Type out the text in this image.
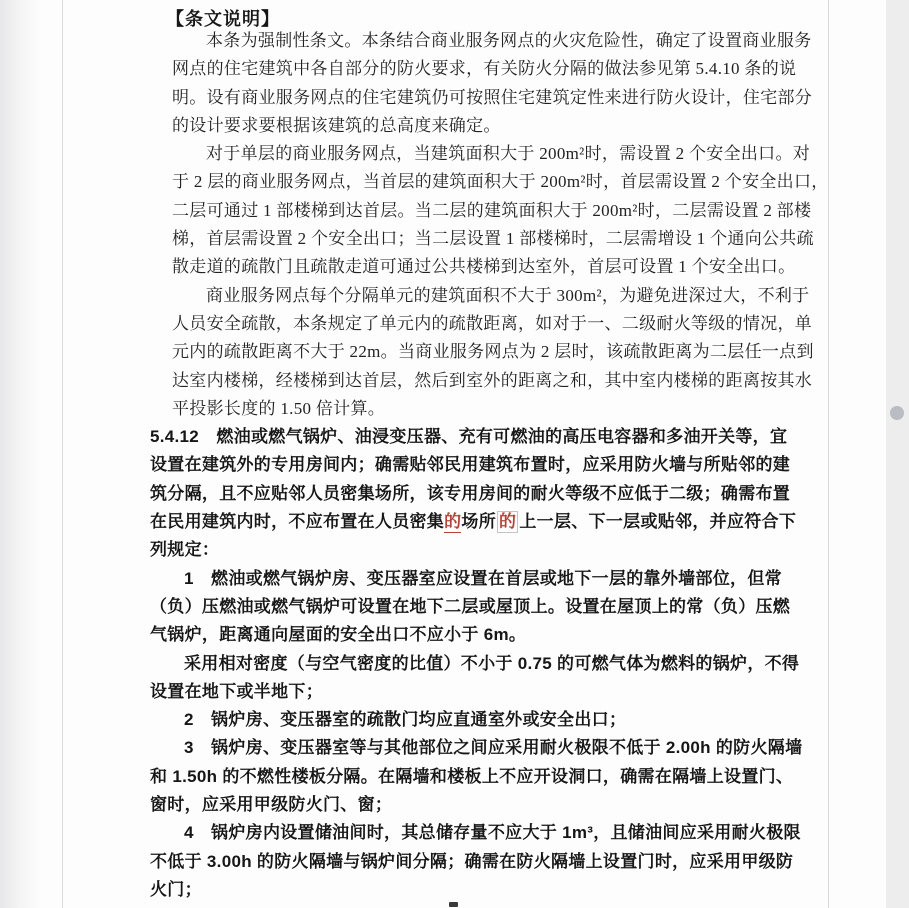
【条文说明】
本条为强制性条文。本条结合商业服务网点的火灾危险性，确定了设置商业服务
网点的住宅建筑中各自部分的防火要求，有关防火分隔的做法参见第 5.4.10 条的说
明。设有商业服务网点的住宅建筑仍可按照住宅建筑定性来进行防火设计，住宅部分
的设计要求要根据该建筑的总高度来确定。
对于单层的商业服务网点，当建筑面积大于 200m²时，需设置 2 个安全出口。对
于 2 层的商业服务网点，当首层的建筑面积大于 200m²时，首层需设置 2 个安全出口，
二层可通过 1 部楼梯到达首层。当二层的建筑面积大于 200m²时，二层需设置 2 部楼
梯，首层需设置 2 个安全出口；当二层设置 1 部楼梯时，二层需增设 1 个通向公共疏
散走道的疏散门且疏散走道可通过公共楼梯到达室外，首层可设置 1 个安全出口。
商业服务网点每个分隔单元的建筑面积不大于 300m²，为避免进深过大，不利于
人员安全疏散，本条规定了单元内的疏散距离，如对于一、二级耐火等级的情况，单
元内的疏散距离不大于 22m。当商业服务网点为 2 层时，该疏散距离为二层任一点到
达室内楼梯，经楼梯到达首层，然后到室外的距离之和，其中室内楼梯的距离按其水
平投影长度的 1.50 倍计算。
5.4.12　燃油或燃气锅炉、油浸变压器、充有可燃油的高压电容器和多油开关等，宜
设置在建筑外的专用房间内；确需贴邻民用建筑布置时，应采用防火墙与所贴邻的建
筑分隔，且不应贴邻人员密集场所，该专用房间的耐火等级不应低于二级；确需布置
在民用建筑内时，不应布置在人员密集的场所 的 上一层、下一层或贴邻，并应符合下
列规定：
1　燃油或燃气锅炉房、变压器室应设置在首层或地下一层的靠外墙部位，但常
（负）压燃油或燃气锅炉可设置在地下二层或屋顶上。设置在屋顶上的常（负）压燃
气锅炉，距离通向屋面的安全出口不应小于 6m。
采用相对密度（与空气密度的比值）不小于 0.75 的可燃气体为燃料的锅炉，不得
设置在地下或半地下；
2　锅炉房、变压器室的疏散门均应直通室外或安全出口；
3　锅炉房、变压器室等与其他部位之间应采用耐火极限不低于 2.00h 的防火隔墙
和 1.50h 的不燃性楼板分隔。在隔墙和楼板上不应开设洞口，确需在隔墙上设置门、
窗时，应采用甲级防火门、窗；
4　锅炉房内设置储油间时，其总储存量不应大于 1m³，且储油间应采用耐火极限
不低于 3.00h 的防火隔墙与锅炉间分隔；确需在防火隔墙上设置门时，应采用甲级防
火门；
